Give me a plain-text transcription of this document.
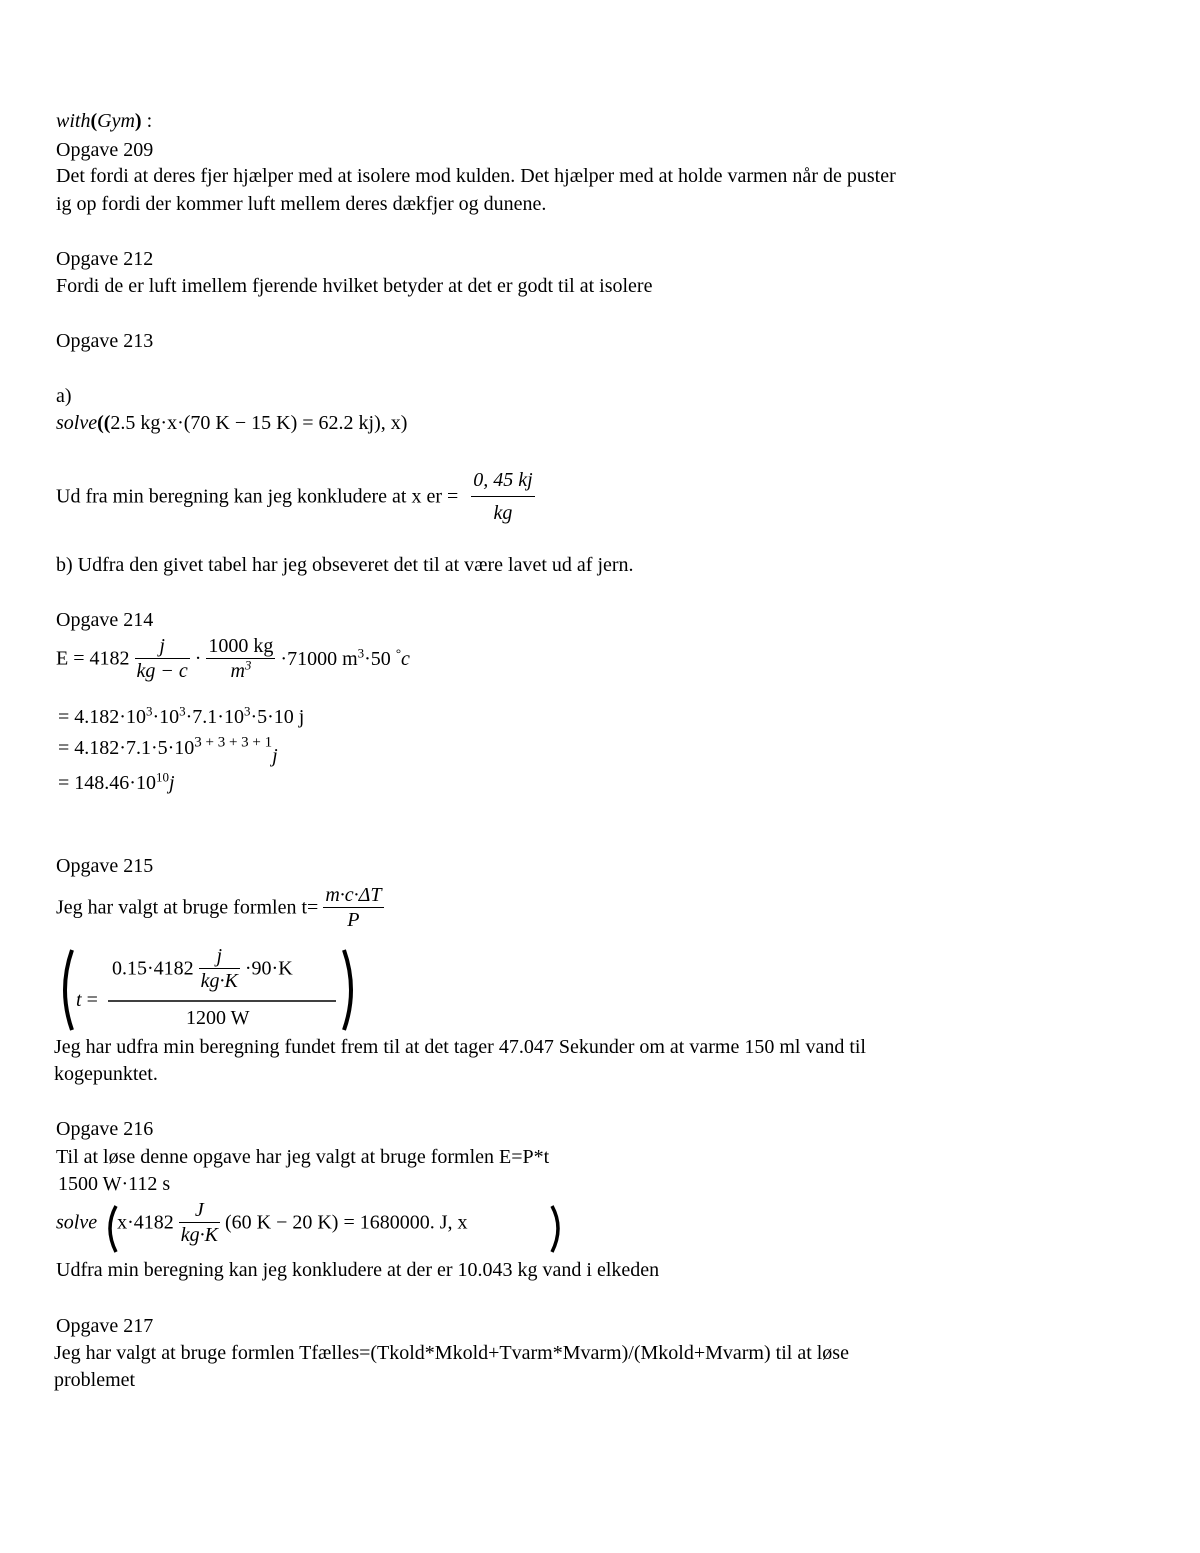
with(Gym) :
Opgave 209
Det fordi at deres fjer hjælper med at isolere mod kulden. Det hjælper med at holde varmen når de puster
ig op fordi der kommer luft mellem deres dækfjer og dunene.
Opgave 212
Fordi de er luft imellem fjerende hvilket betyder at det er godt til at isolere
Opgave 213
a)
solve((2.5 kg·x·(70 K − 15 K) = 62.2 kj), x)
Ud fra min beregning kan jeg konkludere at x er = $\frac{0, 45 kj}{kg}$
b) Udfra den givet tabel har jeg obseveret det til at være lavet ud af jern.
Opgave 214
$E = 4182 \frac{j}{kg - c} \cdot \frac{1000 kg}{m^3} \cdot 71000$ $m^3\cdot 50$ °c
= $4.182\cdot 10^3\cdot 10^3\cdot 7.1\cdot 10^3\cdot 5\cdot 10$ j
= $4.182\cdot 7.1\cdot 5\cdot 10^{3 + 3 + 3 + 1}j$
= $148.46\cdot 10^{10}j$
Opgave 215
Jeg har valgt at bruge formlen $t= \frac{m\cdot c\cdot\Delta T}{P}$
t =
$0.15\cdot 4182 \frac{j}{kg\cdot K} \cdot 90\cdot K$
1200 W
Jeg har udfra min beregning fundet frem til at det tager 47.047 Sekunder om at varme 150 ml vand til
kogepunktet.
Opgave 216
Til at løse denne opgave har jeg valgt at bruge formlen E=P*t
1500 W·112 s
solve $x\cdot 4182 \frac{J}{kg\cdot K} (60$ K − 20 K) = 1680000. J, x
Udfra min beregning kan jeg konkludere at der er 10.043 kg vand i elkeden
Opgave 217
Jeg har valgt at bruge formlen Tfælles=(Tkold*Mkold+Tvarm*Mvarm)/(Mkold+Mvarm) til at løse
problemet
